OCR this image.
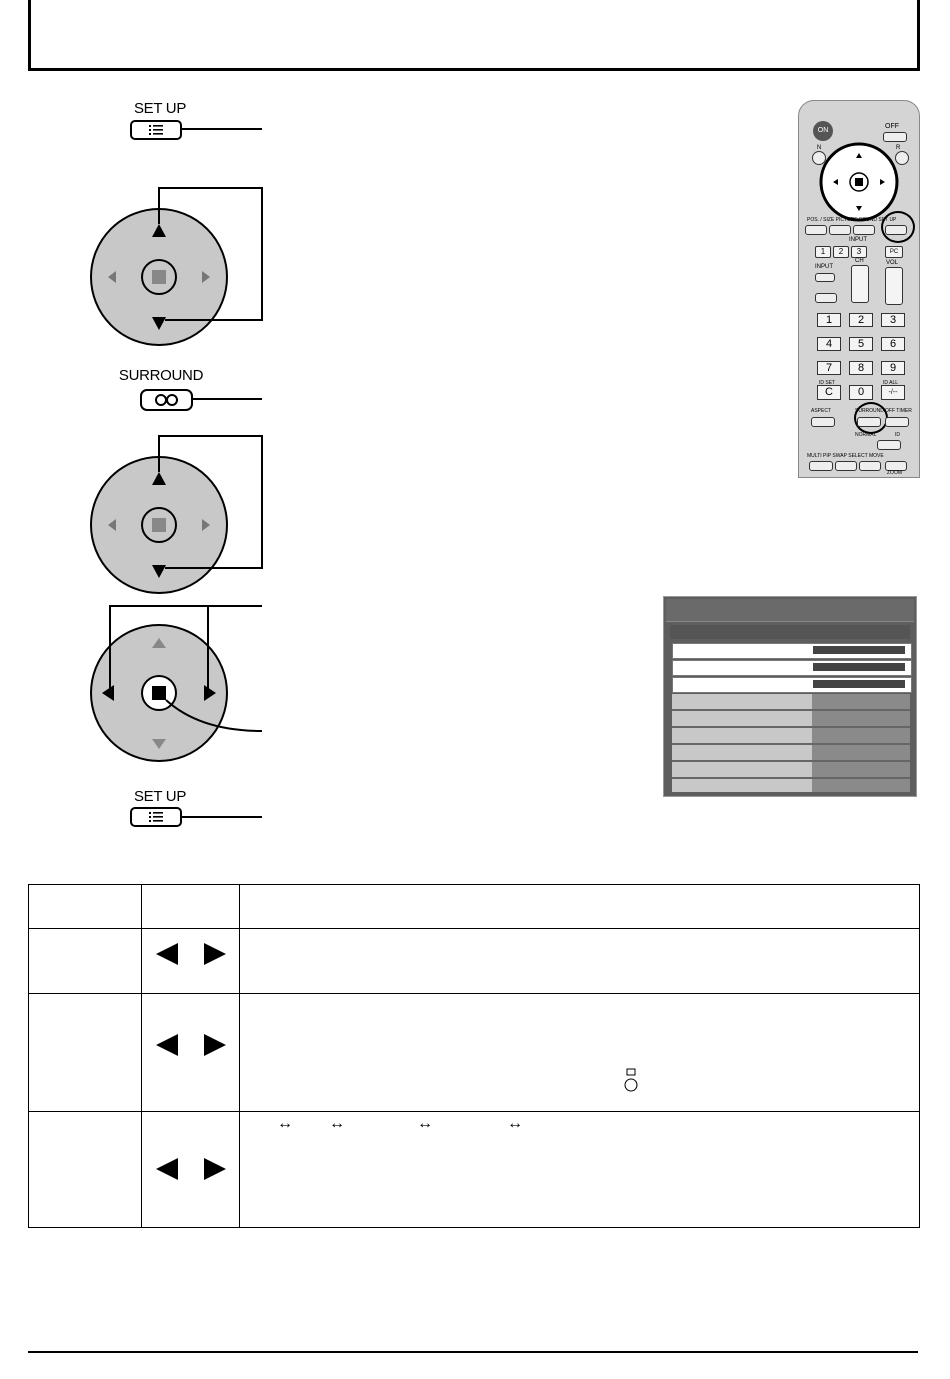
SET UP
SURROUND
SET UP
ON
OFF
N	R
POS. / SIZE PICTURE SOUND SET UP
INPUT
1	2	3	PC
CH	VOL
INPUT
1	2	3
4	5	6
7	8	9
C	0	-/--
ID SET	ID ALL
ASPECT	SURROUND OFF TIMER
NORMAL	ID
MULTI PIP SWAP SELECT MOVE
ZOOM
↔ ↔	↔	↔
